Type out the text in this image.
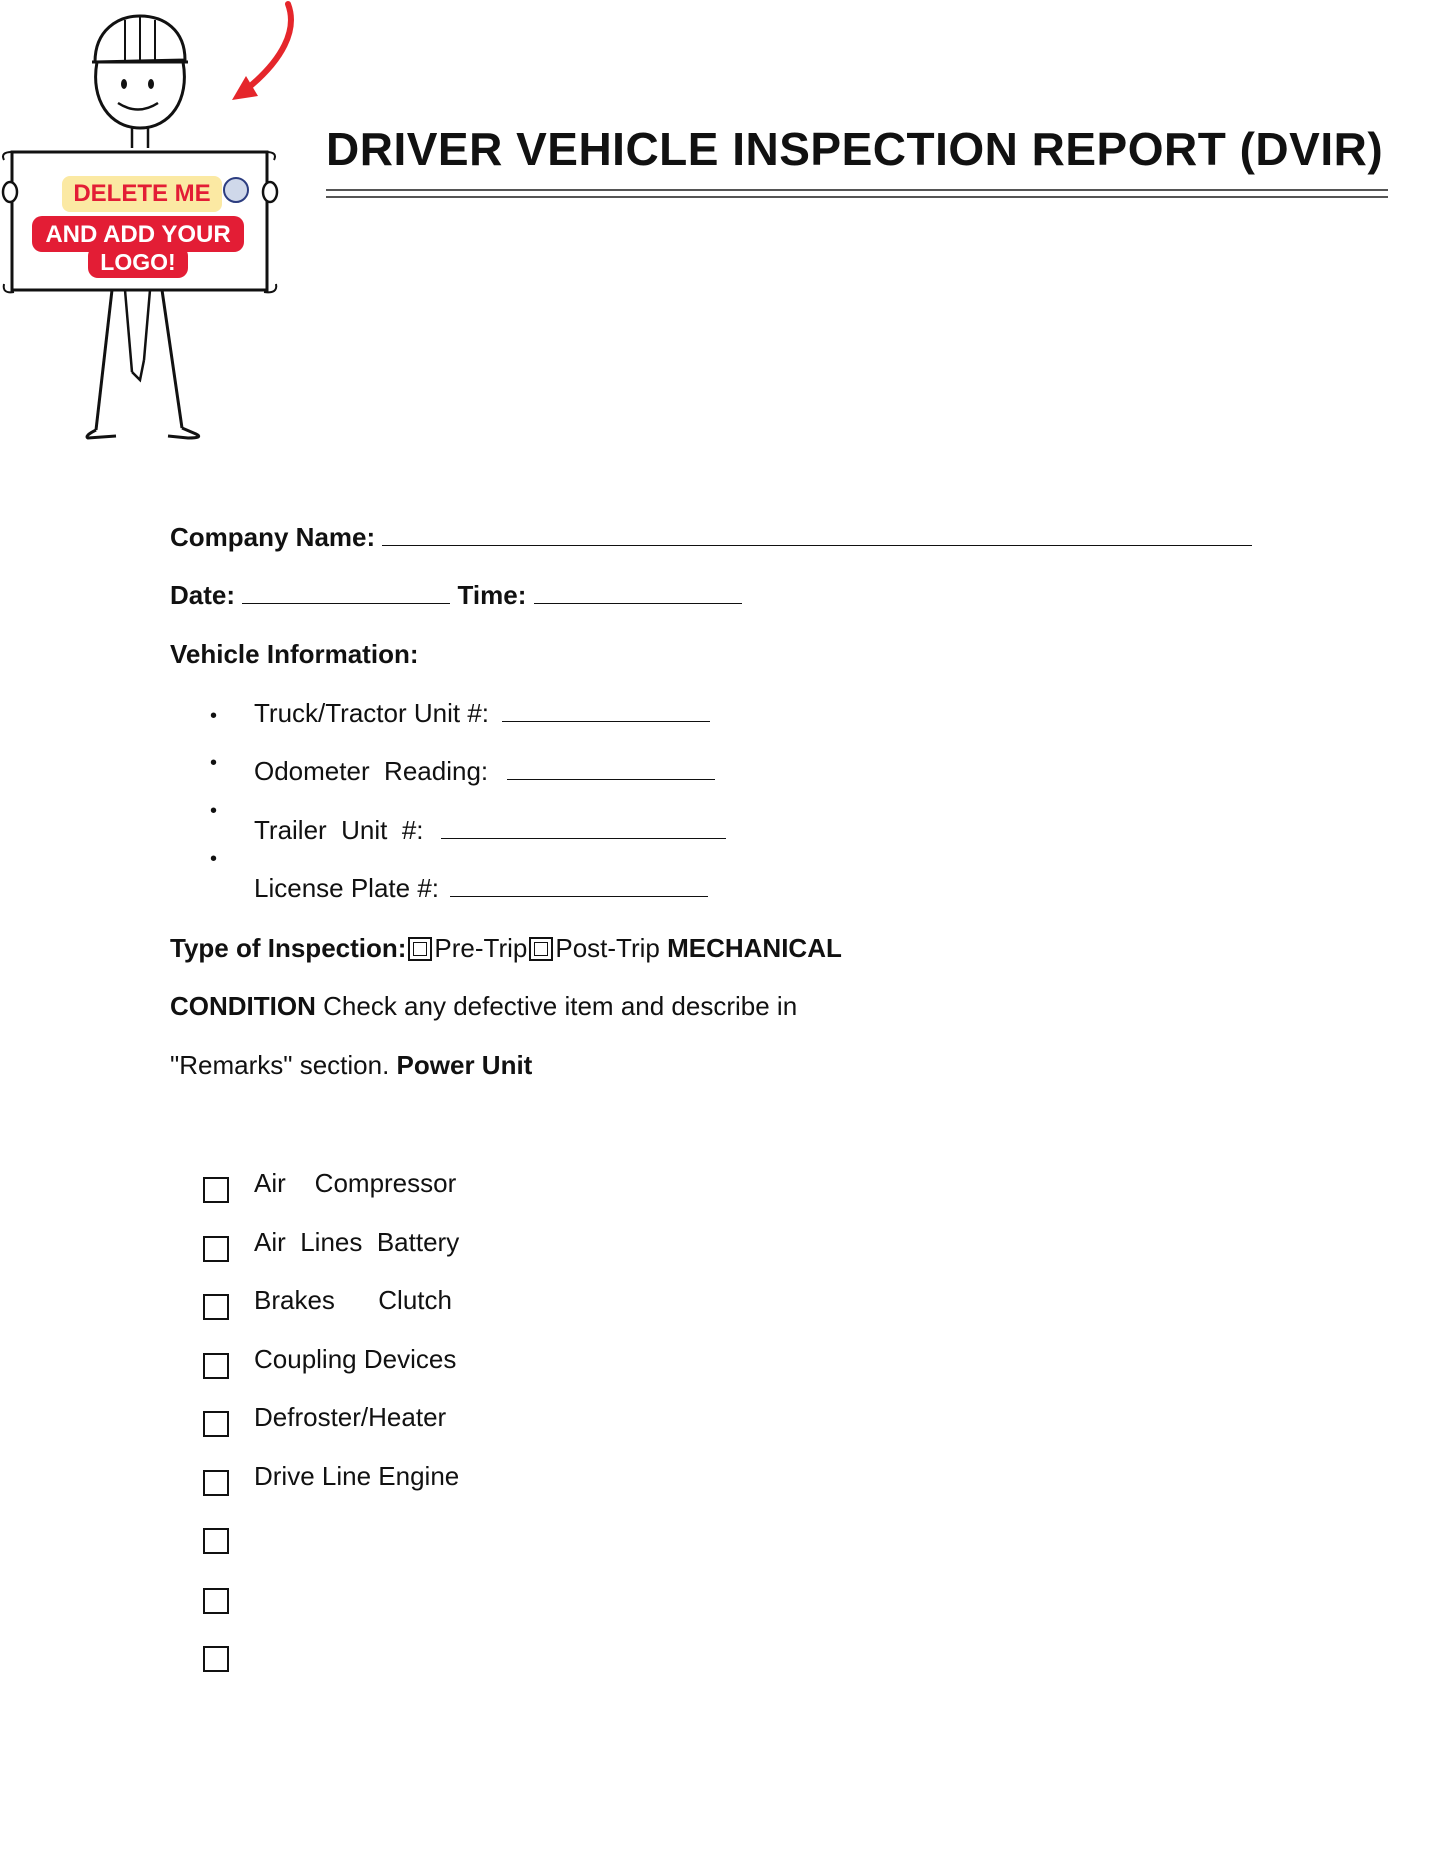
DELETE ME
AND ADD YOUR
LOGO!
DRIVER VEHICLE INSPECTION REPORT (DVIR)
Company Name:
Date:	Time:
Vehicle Information:
•
•
•
•
Truck/Tractor Unit #:
Odometer  Reading:
Trailer  Unit  #:
License Plate #:
Type of Inspection: Pre-Trip Post-Trip MECHANICAL
CONDITION Check any defective item and describe in
"Remarks" section. Power Unit
Air    Compressor
Air  Lines  Battery
Brakes      Clutch
Coupling Devices
Defroster/Heater
Drive Line Engine
